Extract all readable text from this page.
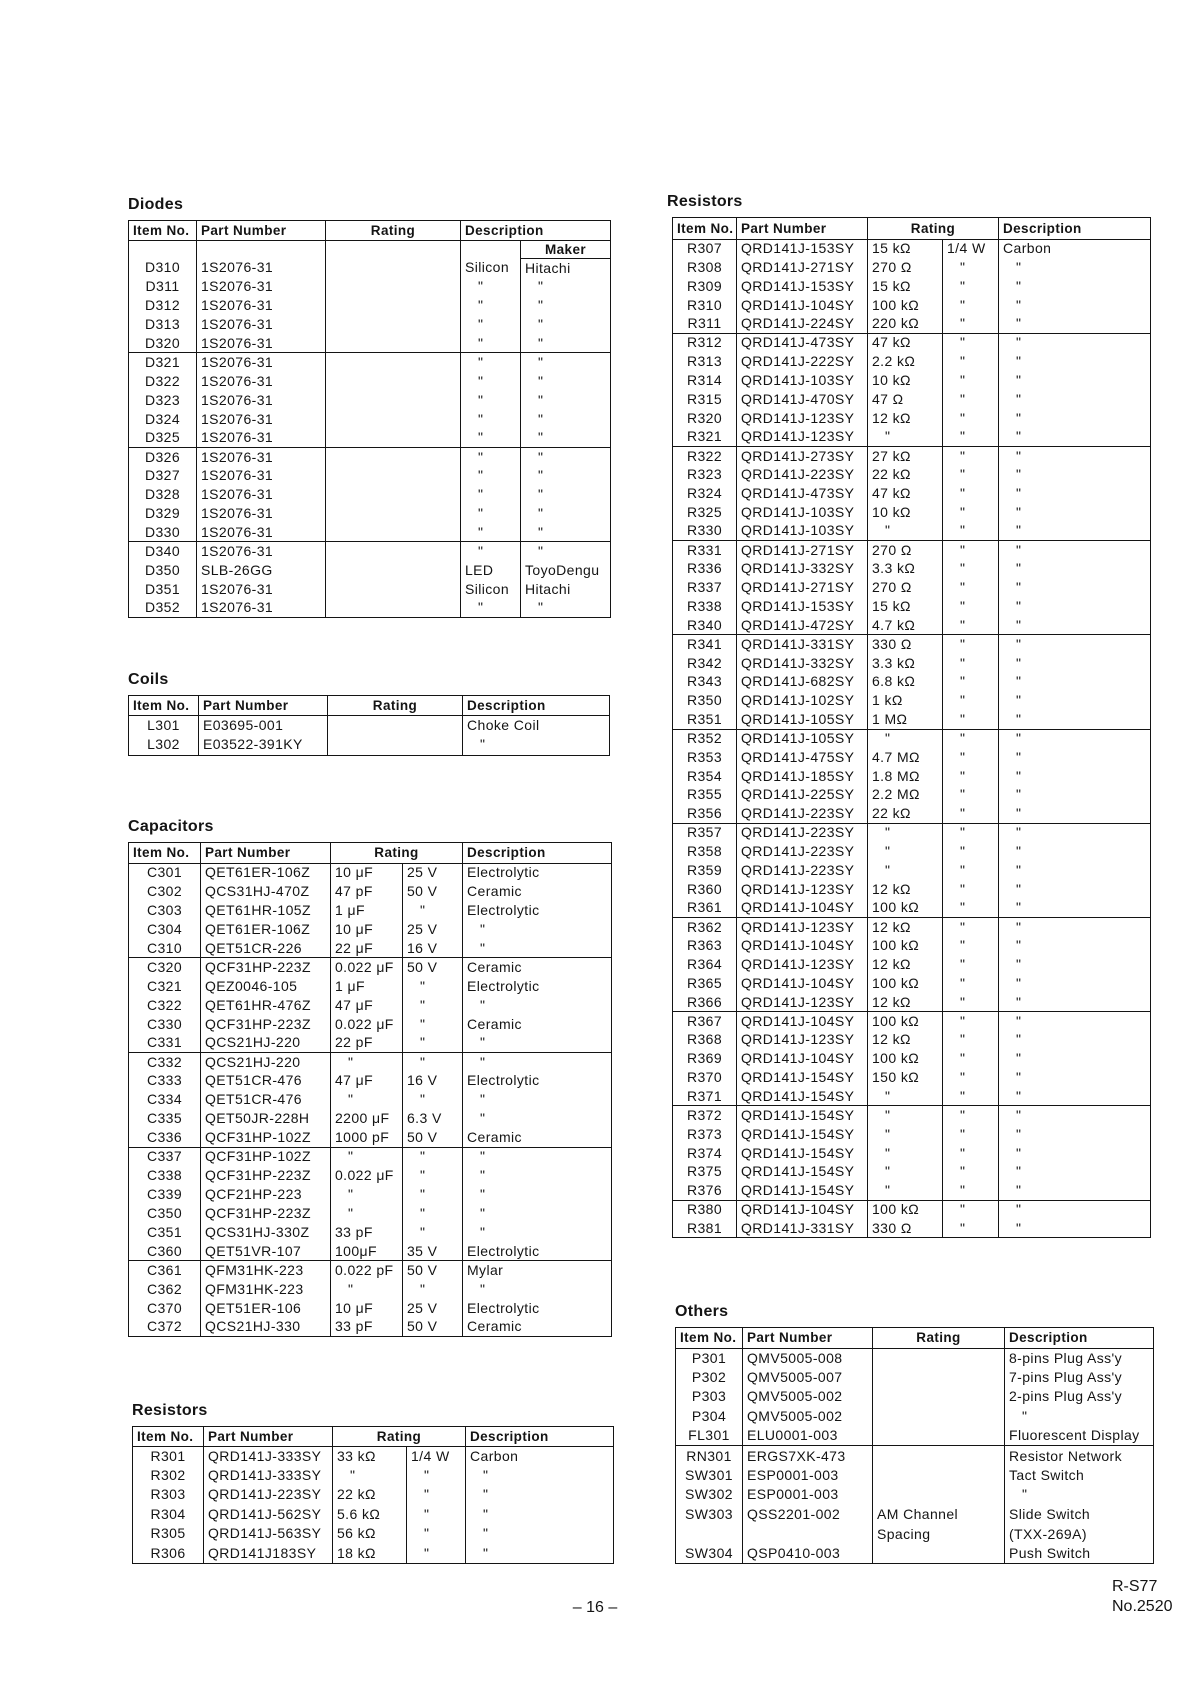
Diodes
Item No.	Part Number	Rating	Description	
				Maker
D310	1S2076-31		Silicon	Hitachi
D311	1S2076-31		"	"
D312	1S2076-31		"	"
D313	1S2076-31		"	"
D320	1S2076-31		"	"
D321	1S2076-31		"	"
D322	1S2076-31		"	"
D323	1S2076-31		"	"
D324	1S2076-31		"	"
D325	1S2076-31		"	"
D326	1S2076-31		"	"
D327	1S2076-31		"	"
D328	1S2076-31		"	"
D329	1S2076-31		"	"
D330	1S2076-31		"	"
D340	1S2076-31		"	"
D350	SLB-26GG		LED	ToyoDengu
D351	1S2076-31		Silicon	Hitachi
D352	1S2076-31		"	"
Coils
Item No.	Part Number	Rating	Description
L301	E03695-001		Choke Coil
L302	E03522-391KY		"
Capacitors
Item No.	Part Number	Rating		Description
C301	QET61ER-106Z	10 μF	25 V	Electrolytic
C302	QCS31HJ-470Z	47 pF	50 V	Ceramic
C303	QET61HR-105Z	1 μF	"	Electrolytic
C304	QET61ER-106Z	10 μF	25 V	"
C310	QET51CR-226	22 μF	16 V	"
C320	QCF31HP-223Z	0.022 μF	50 V	Ceramic
C321	QEZ0046-105	1 μF	"	Electrolytic
C322	QET61HR-476Z	47 μF	"	"
C330	QCF31HP-223Z	0.022 μF	"	Ceramic
C331	QCS21HJ-220	22 pF	"	"
C332	QCS21HJ-220	"	"	"
C333	QET51CR-476	47 μF	16 V	Electrolytic
C334	QET51CR-476	"	"	"
C335	QET50JR-228H	2200 μF	6.3 V	"
C336	QCF31HP-102Z	1000 pF	50 V	Ceramic
C337	QCF31HP-102Z	"	"	"
C338	QCF31HP-223Z	0.022 μF	"	"
C339	QCF21HP-223	"	"	"
C350	QCF31HP-223Z	"	"	"
C351	QCS31HJ-330Z	33 pF	"	"
C360	QET51VR-107	100μF	35 V	Electrolytic
C361	QFM31HK-223	0.022 pF	50 V	Mylar
C362	QFM31HK-223	"	"	"
C370	QET51ER-106	10 μF	25 V	Electrolytic
C372	QCS21HJ-330	33 pF	50 V	Ceramic
Resistors
Item No.	Part Number	Rating		Description
R301	QRD141J-333SY	33 kΩ	1/4 W	Carbon
R302	QRD141J-333SY	"	"	"
R303	QRD141J-223SY	22 kΩ	"	"
R304	QRD141J-562SY	5.6 kΩ	"	"
R305	QRD141J-563SY	56 kΩ	"	"
R306	QRD141J183SY	18 kΩ	"	"
Resistors
Item No.	Part Number	Rating		Description
R307	QRD141J-153SY	15 kΩ	1/4 W	Carbon
R308	QRD141J-271SY	270 Ω	"	"
R309	QRD141J-153SY	15 kΩ	"	"
R310	QRD141J-104SY	100 kΩ	"	"
R311	QRD141J-224SY	220 kΩ	"	"
R312	QRD141J-473SY	47 kΩ	"	"
R313	QRD141J-222SY	2.2 kΩ	"	"
R314	QRD141J-103SY	10 kΩ	"	"
R315	QRD141J-470SY	47 Ω	"	"
R320	QRD141J-123SY	12 kΩ	"	"
R321	QRD141J-123SY	"	"	"
R322	QRD141J-273SY	27 kΩ	"	"
R323	QRD141J-223SY	22 kΩ	"	"
R324	QRD141J-473SY	47 kΩ	"	"
R325	QRD141J-103SY	10 kΩ	"	"
R330	QRD141J-103SY	"	"	"
R331	QRD141J-271SY	270 Ω	"	"
R336	QRD141J-332SY	3.3 kΩ	"	"
R337	QRD141J-271SY	270 Ω	"	"
R338	QRD141J-153SY	15 kΩ	"	"
R340	QRD141J-472SY	4.7 kΩ	"	"
R341	QRD141J-331SY	330 Ω	"	"
R342	QRD141J-332SY	3.3 kΩ	"	"
R343	QRD141J-682SY	6.8 kΩ	"	"
R350	QRD141J-102SY	1 kΩ	"	"
R351	QRD141J-105SY	1 MΩ	"	"
R352	QRD141J-105SY	"	"	"
R353	QRD141J-475SY	4.7 MΩ	"	"
R354	QRD141J-185SY	1.8 MΩ	"	"
R355	QRD141J-225SY	2.2 MΩ	"	"
R356	QRD141J-223SY	22 kΩ	"	"
R357	QRD141J-223SY	"	"	"
R358	QRD141J-223SY	"	"	"
R359	QRD141J-223SY	"	"	"
R360	QRD141J-123SY	12 kΩ	"	"
R361	QRD141J-104SY	100 kΩ	"	"
R362	QRD141J-123SY	12 kΩ	"	"
R363	QRD141J-104SY	100 kΩ	"	"
R364	QRD141J-123SY	12 kΩ	"	"
R365	QRD141J-104SY	100 kΩ	"	"
R366	QRD141J-123SY	12 kΩ	"	"
R367	QRD141J-104SY	100 kΩ	"	"
R368	QRD141J-123SY	12 kΩ	"	"
R369	QRD141J-104SY	100 kΩ	"	"
R370	QRD141J-154SY	150 kΩ	"	"
R371	QRD141J-154SY	"	"	"
R372	QRD141J-154SY	"	"	"
R373	QRD141J-154SY	"	"	"
R374	QRD141J-154SY	"	"	"
R375	QRD141J-154SY	"	"	"
R376	QRD141J-154SY	"	"	"
R380	QRD141J-104SY	100 kΩ	"	"
R381	QRD141J-331SY	330 Ω	"	"
Others
Item No.	Part Number	Rating	Description
P301	QMV5005-008		8-pins Plug Ass'y
P302	QMV5005-007		7-pins Plug Ass'y
P303	QMV5005-002		2-pins Plug Ass'y
P304	QMV5005-002		"
FL301	ELU0001-003		Fluorescent Display
RN301	ERGS7XK-473		Resistor Network
SW301	ESP0001-003		Tact Switch
SW302	ESP0001-003		"
SW303	QSS2201-002	AM Channel	Slide Switch
		Spacing	(TXX-269A)
SW304	QSP0410-003		Push Switch
– 16 –
R-S77
No.2520
